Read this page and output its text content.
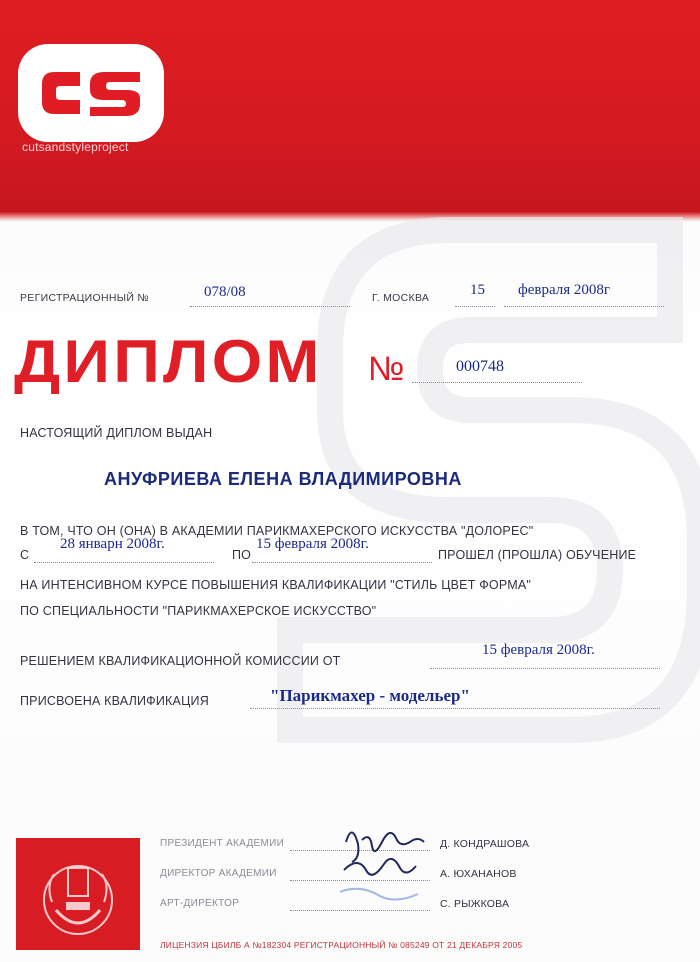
cutsandstyleproject
РЕГИСТРАЦИОННЫЙ №	078/08	Г. МОСКВА	15 февраля 2008г
ДИПЛОМ №	000748
НАСТОЯЩИЙ ДИПЛОМ ВЫДАН
АНУФРИЕВА ЕЛЕНА ВЛАДИМИРОВНА
В ТОМ, ЧТО ОН (ОНА) В АКАДЕМИИ ПАРИКМАХЕРСКОГО ИСКУССТВА "ДОЛОРЕС"
С
28 январн 2008г.
ПО
15 февраля 2008г.
ПРОШЕЛ (ПРОШЛА) ОБУЧЕНИЕ
НА ИНТЕНСИВНОМ КУРСЕ ПОВЫШЕНИЯ КВАЛИФИКАЦИИ "СТИЛЬ ЦВЕТ ФОРМА"
ПО СПЕЦИАЛЬНОСТИ "ПАРИКМАХЕРСКОЕ ИСКУССТВО"
РЕШЕНИЕМ КВАЛИФИКАЦИОННОЙ КОМИССИИ ОТ
15 февраля 2008г.
ПРИСВОЕНА КВАЛИФИКАЦИЯ	"Парикмахер - модельер"
ПРЕЗИДЕНТ АКАДЕМИИ	Д. КОНДРАШОВА
ДИРЕКТОР АКАДЕМИИ	А. ЮХАНАНОВ
АРТ-ДИРЕКТОР	С. РЫЖКОВА
ЛИЦЕНЗИЯ ЦБИЛБ А №182304 РЕГИСТРАЦИОННЫЙ № 085249 ОТ 21 ДЕКАБРЯ 2005
